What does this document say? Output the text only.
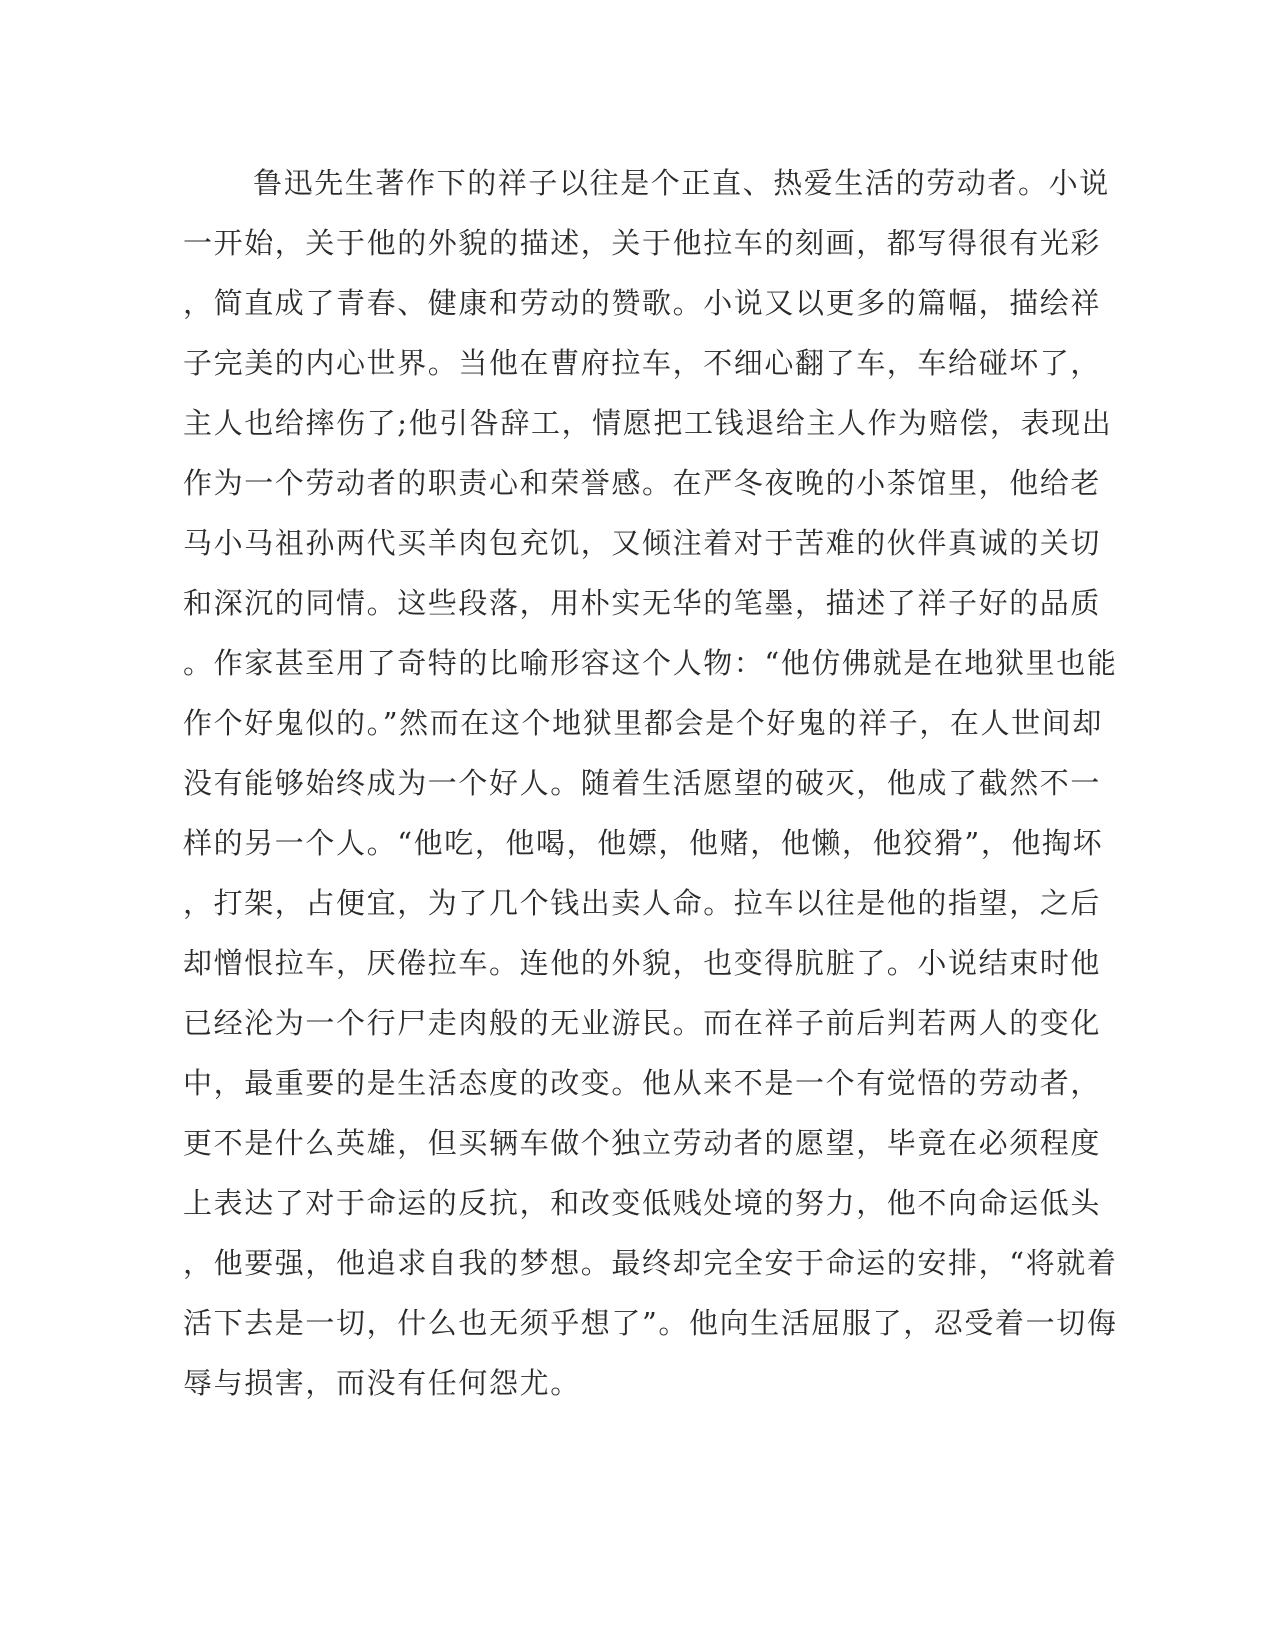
鲁迅先生著作下的祥子以往是个正直、热爱生活的劳动者。小说
一开始，关于他的外貌的描述，关于他拉车的刻画，都写得很有光彩
，简直成了青春、健康和劳动的赞歌。小说又以更多的篇幅，描绘祥
子完美的内心世界。当他在曹府拉车，不细心翻了车，车给碰坏了，
主人也给摔伤了;他引咎辞工，情愿把工钱退给主人作为赔偿，表现出
作为一个劳动者的职责心和荣誉感。在严冬夜晚的小茶馆里，他给老
马小马祖孙两代买羊肉包充饥，又倾注着对于苦难的伙伴真诚的关切
和深沉的同情。这些段落，用朴实无华的笔墨，描述了祥子好的品质
。作家甚至用了奇特的比喻形容这个人物：“他仿佛就是在地狱里也能
作个好鬼似的。”然而在这个地狱里都会是个好鬼的祥子，在人世间却
没有能够始终成为一个好人。随着生活愿望的破灭，他成了截然不一
样的另一个人。“他吃，他喝，他嫖，他赌，他懒，他狡猾”，他掏坏
，打架，占便宜，为了几个钱出卖人命。拉车以往是他的指望，之后
却憎恨拉车，厌倦拉车。连他的外貌，也变得肮脏了。小说结束时他
已经沦为一个行尸走肉般的无业游民。而在祥子前后判若两人的变化
中，最重要的是生活态度的改变。他从来不是一个有觉悟的劳动者，
更不是什么英雄，但买辆车做个独立劳动者的愿望，毕竟在必须程度
上表达了对于命运的反抗，和改变低贱处境的努力，他不向命运低头
，他要强，他追求自我的梦想。最终却完全安于命运的安排，“将就着
活下去是一切，什么也无须乎想了”。他向生活屈服了，忍受着一切侮
辱与损害，而没有任何怨尤。
